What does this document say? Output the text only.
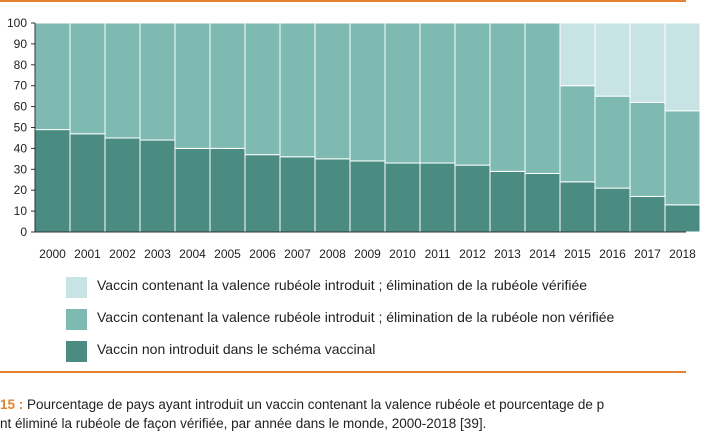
0
10
20
30
40
50
60
70
80
90
100
2000 2001 2002 2003 2004 2005 2006 2007 2008 2009 2010 2011 2012 2013 2014 2015 2016 2017 2018
Vaccin contenant la valence rubéole introduit ; élimination de la rubéole vérifiée
Vaccin contenant la valence rubéole introduit ; élimination de la rubéole non vérifiée
Vaccin non introduit dans le schéma vaccinal
15 : Pourcentage de pays ayant introduit un vaccin contenant la valence rubéole et pourcentage de p
nt éliminé la rubéole de façon vérifiée, par année dans le monde, 2000-2018 [39].
